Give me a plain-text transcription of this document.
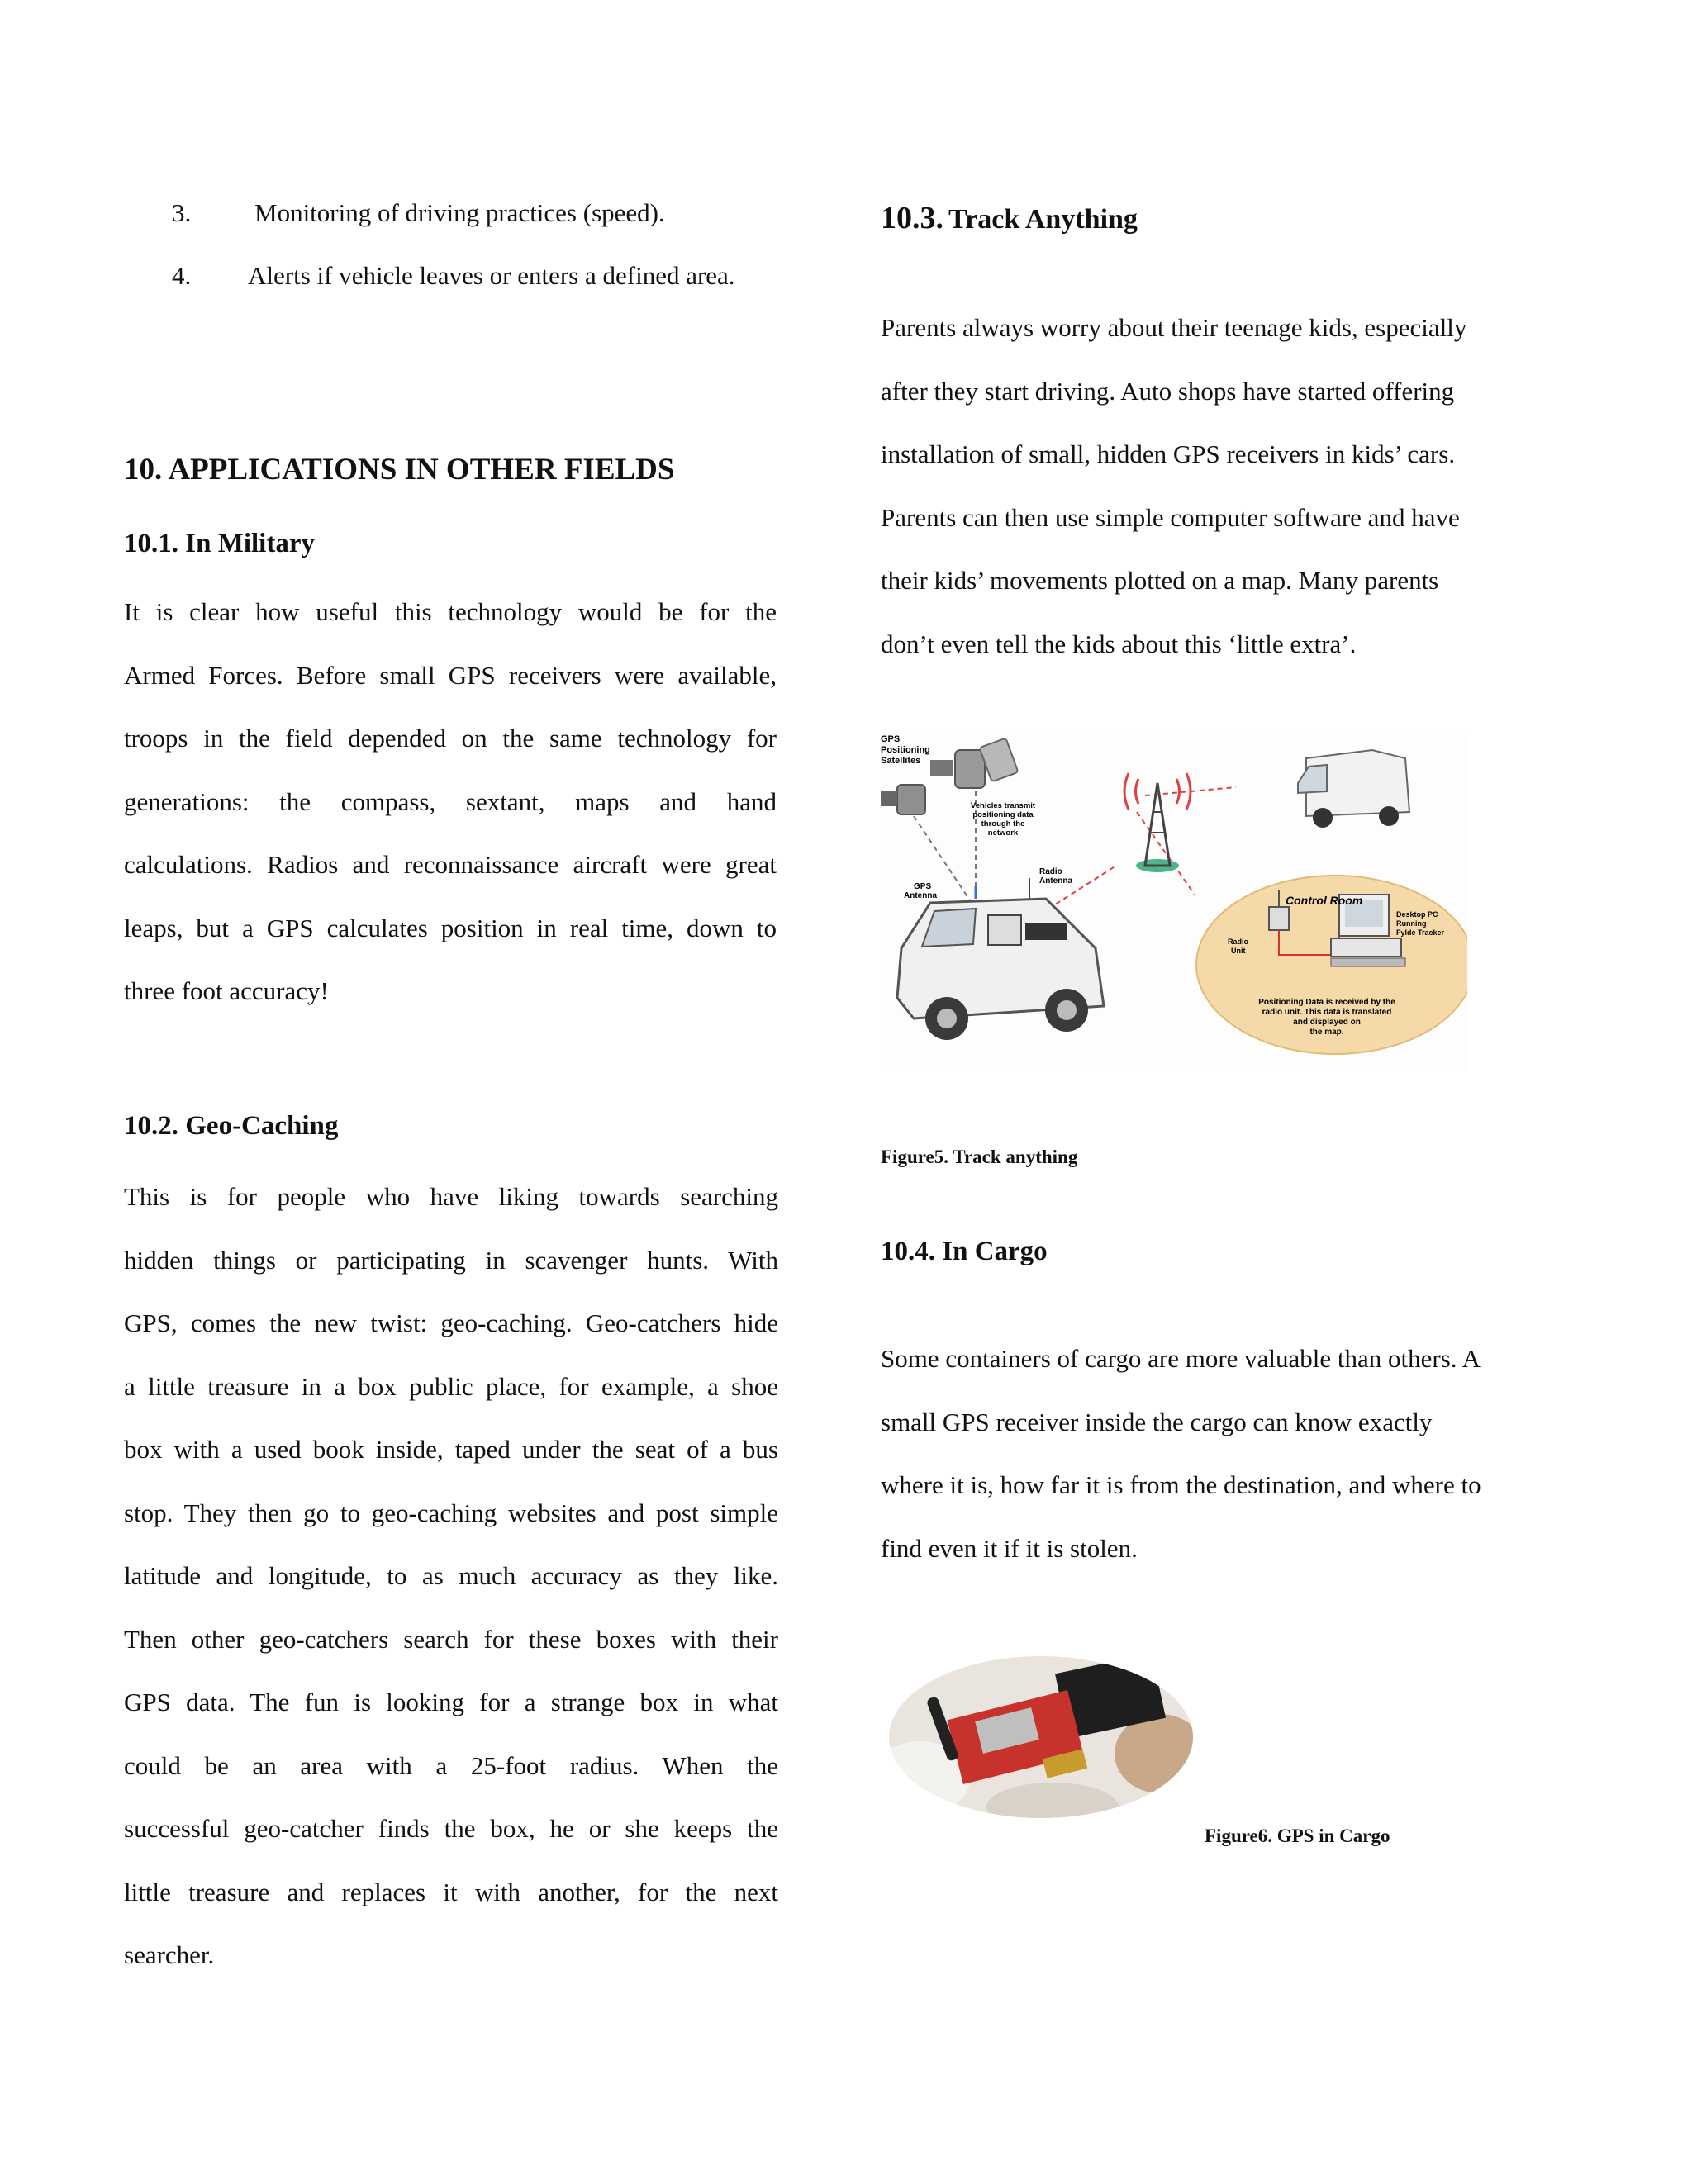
3. Monitoring of driving practices (speed).
4. Alerts if vehicle leaves or enters a defined area.
10. APPLICATIONS IN OTHER FIELDS
10.1. In Military

It is clear how useful this technology would be for the

Armed Forces. Before small GPS receivers were available,

troops in the field depended on the same technology for

generations: the compass, sextant, maps and hand

calculations. Radios and reconnaissance aircraft were great

leaps, but a GPS calculates position in real time, down to

three foot accuracy!

10.2. Geo-Caching

This is for people who have liking towards searching

hidden things or participating in scavenger hunts. With

GPS, comes the new twist: geo-caching. Geo-catchers hide

a little treasure in a box public place, for example, a shoe

box with a used book inside, taped under the seat of a bus

stop. They then go to geo-caching websites and post simple

latitude and longitude, to as much accuracy as they like.

Then other geo-catchers search for these boxes with their

GPS data. The fun is looking for a strange box in what

could be an area with a 25-foot radius. When the

successful geo-catcher finds the box, he or she keeps the

little treasure and replaces it with another, for the next

searcher.

10.3. Track Anything

Parents always worry about their teenage kids, especially

after they start driving. Auto shops have started offering

installation of small, hidden GPS receivers in kids’ cars.

Parents can then use simple computer software and have

their kids’ movements plotted on a map. Many parents

don’t even tell the kids about this ‘little extra’.

GPS
Positioning
Satellites
Vehicles transmit
positioning data
through the
network
GPS
Antenna
Radio
Antenna
Control Room
Desktop PC
Running
Fylde Tracker
Radio
Unit
Positioning Data is received by the
radio unit. This data is translated
and displayed on
the map.
Figure5. Track anything
10.4. In Cargo

Some containers of cargo are more valuable than others. A

small GPS receiver inside the cargo can know exactly

where it is, how far it is from the destination, and where to

find even it if it is stolen.

Figure6. GPS in Cargo
